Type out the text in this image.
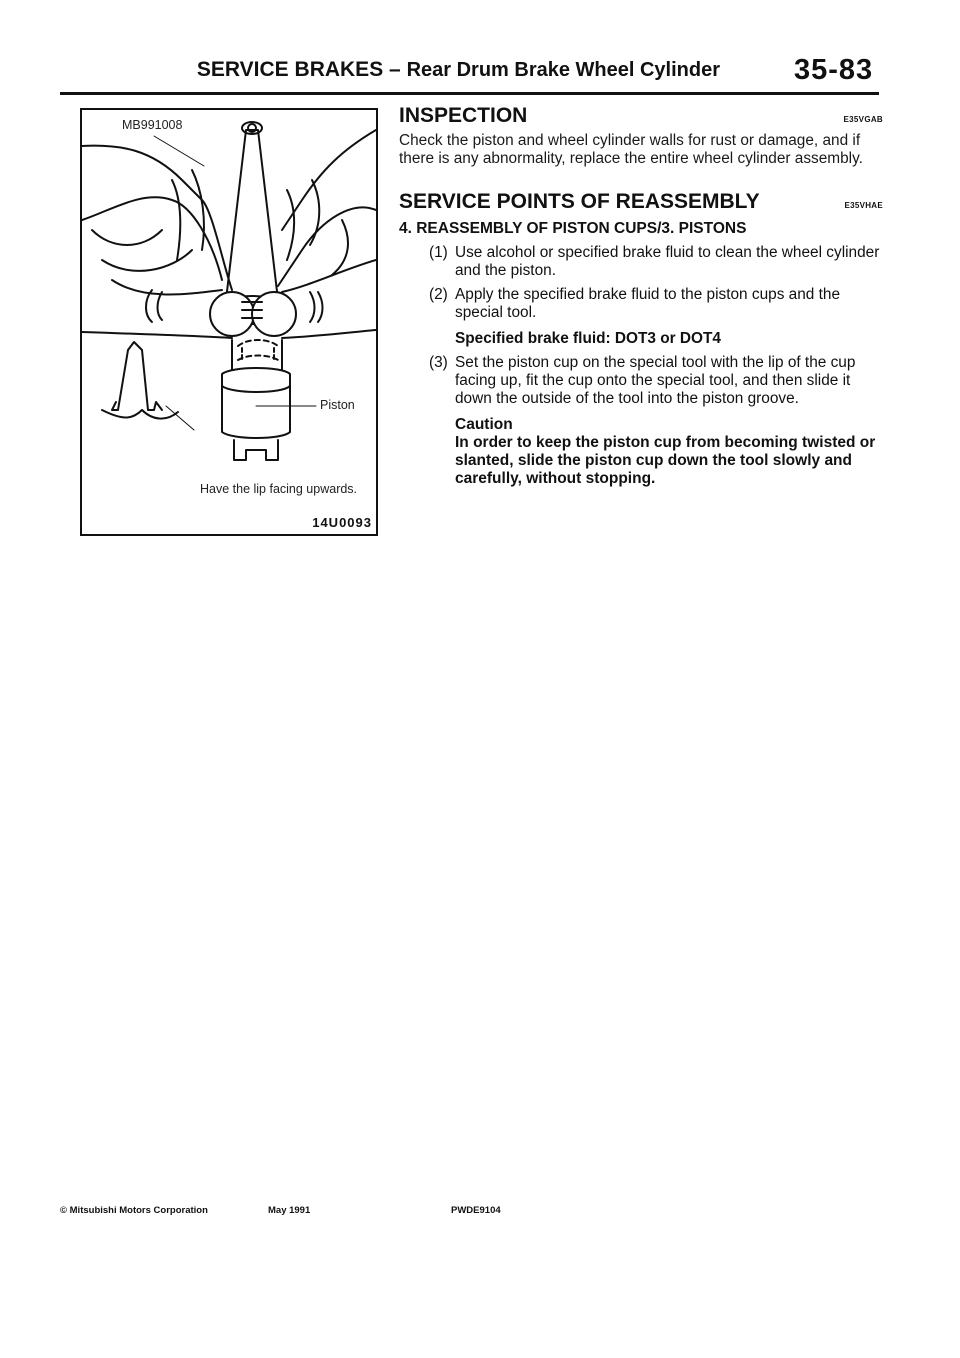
SERVICE BRAKES – Rear Drum Brake Wheel Cylinder	35-83
MB991008
Piston
Have the lip facing upwards.
14U0093
INSPECTION	E35VGAB

Check the piston and wheel cylinder walls for rust or damage, and if there is any abnormality, replace the entire wheel cylinder assembly.

SERVICE POINTS OF REASSEMBLY	E35VHAE
4. REASSEMBLY OF PISTON CUPS/3. PISTONS
(1) Use alcohol or specified brake fluid to clean the wheel cylinder and the piston.
(2) Apply the specified brake fluid to the piston cups and the special tool.
Specified brake fluid: DOT3 or DOT4
(3) Set the piston cup on the special tool with the lip of the cup facing up, fit the cup onto the special tool, and then slide it down the outside of the tool into the piston groove.
Caution
In order to keep the piston cup from becoming twisted or slanted, slide the piston cup down the tool slowly and carefully, without stopping.
© Mitsubishi Motors Corporation	May 1991	PWDE9104
